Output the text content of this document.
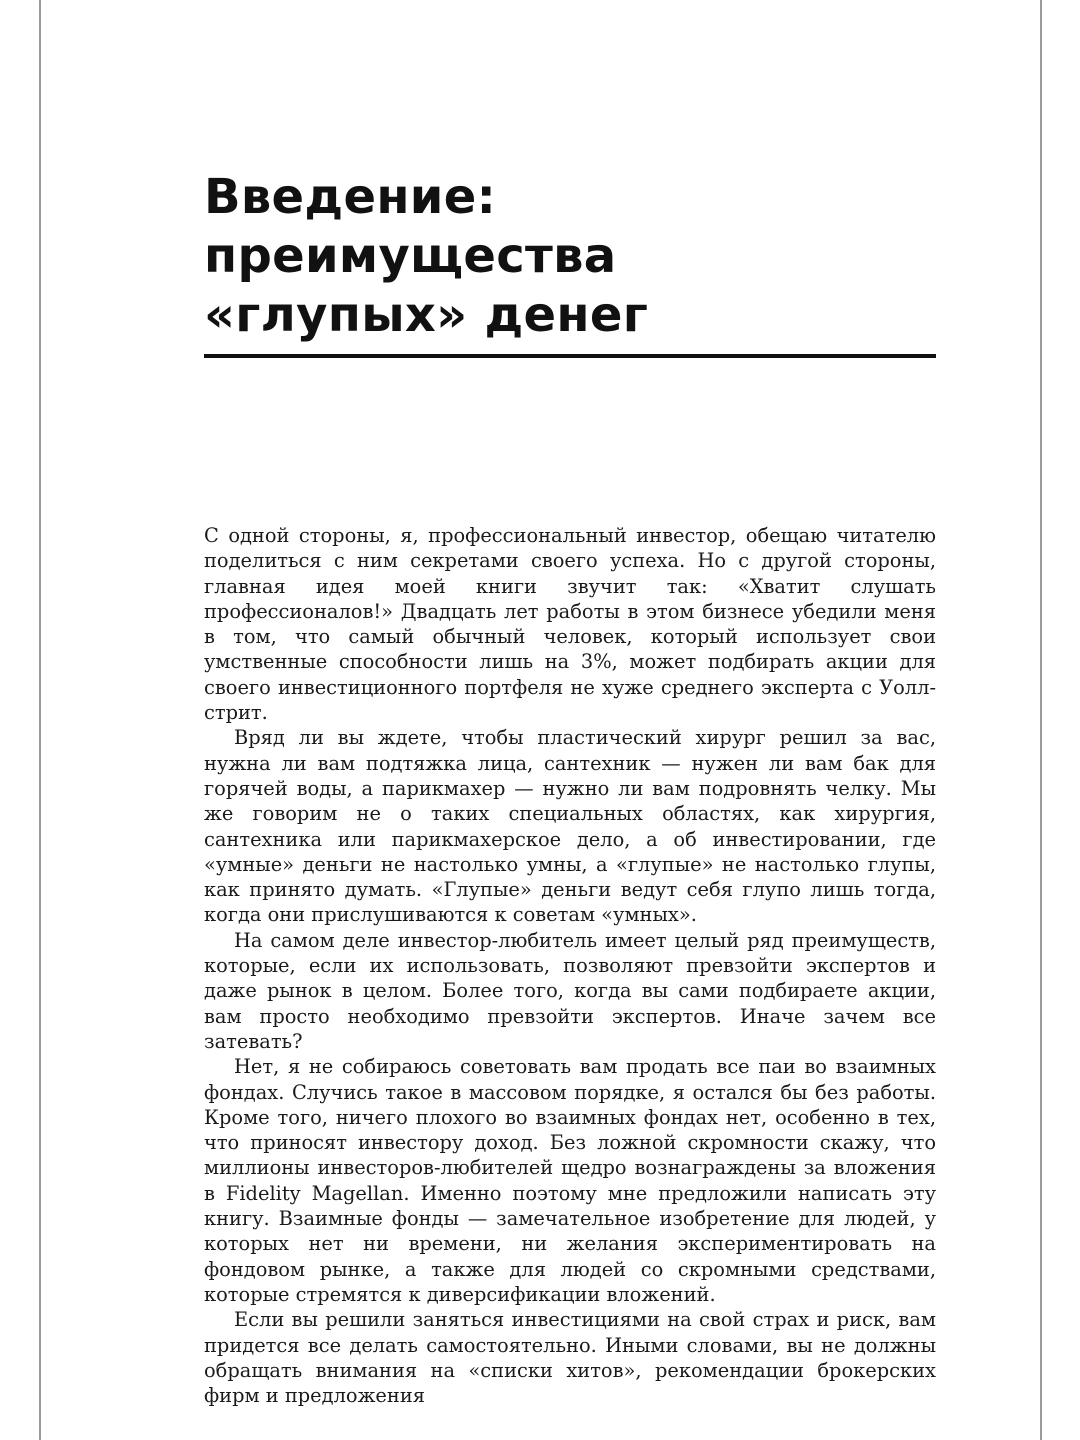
Введение:
преимущества
«глупых» денег

С одной стороны, я, профессиональный инвестор, обещаю читателю поделиться с ним секретами своего успеха. Но с другой стороны, главная идея моей книги звучит так: «Хватит слушать профессионалов!» Двадцать лет работы в этом бизнесе убедили меня в том, что самый обычный человек, который использует свои умственные способности лишь на 3%, может подбирать акции для своего инвестиционного портфеля не хуже среднего эксперта с Уолл-стрит.

Вряд ли вы ждете, чтобы пластический хирург решил за вас, нужна ли вам подтяжка лица, сантехник — нужен ли вам бак для горячей воды, а парикмахер — нужно ли вам подровнять челку. Мы же говорим не о таких специальных областях, как хирургия, сантехника или парикмахерское дело, а об инвестировании, где «умные» деньги не настолько умны, а «глупые» не настолько глупы, как принято думать. «Глупые» деньги ведут себя глупо лишь тогда, когда они прислушиваются к советам «умных».

На самом деле инвестор-любитель имеет целый ряд преимуществ, которые, если их использовать, позволяют превзойти экспертов и даже рынок в целом. Более того, когда вы сами подбираете акции, вам просто необходимо превзойти экспертов. Иначе зачем все затевать?

Нет, я не собираюсь советовать вам продать все паи во взаимных фондах. Случись такое в массовом порядке, я остался бы без работы. Кроме того, ничего плохого во взаимных фондах нет, особенно в тех, что приносят инвестору доход. Без ложной скромности скажу, что миллионы инвесторов-любителей щедро вознаграждены за вложения в Fidelity Magellan. Именно поэтому мне предложили написать эту книгу. Взаимные фонды — замечательное изобретение для людей, у которых нет ни времени, ни желания экспериментировать на фондовом рынке, а также для людей со скромными средствами, которые стремятся к диверсификации вложений.

Если вы решили заняться инвестициями на свой страх и риск, вам придется все делать самостоятельно. Иными словами, вы не должны обращать внимания на «списки хитов», рекомендации брокерских фирм и предложения
